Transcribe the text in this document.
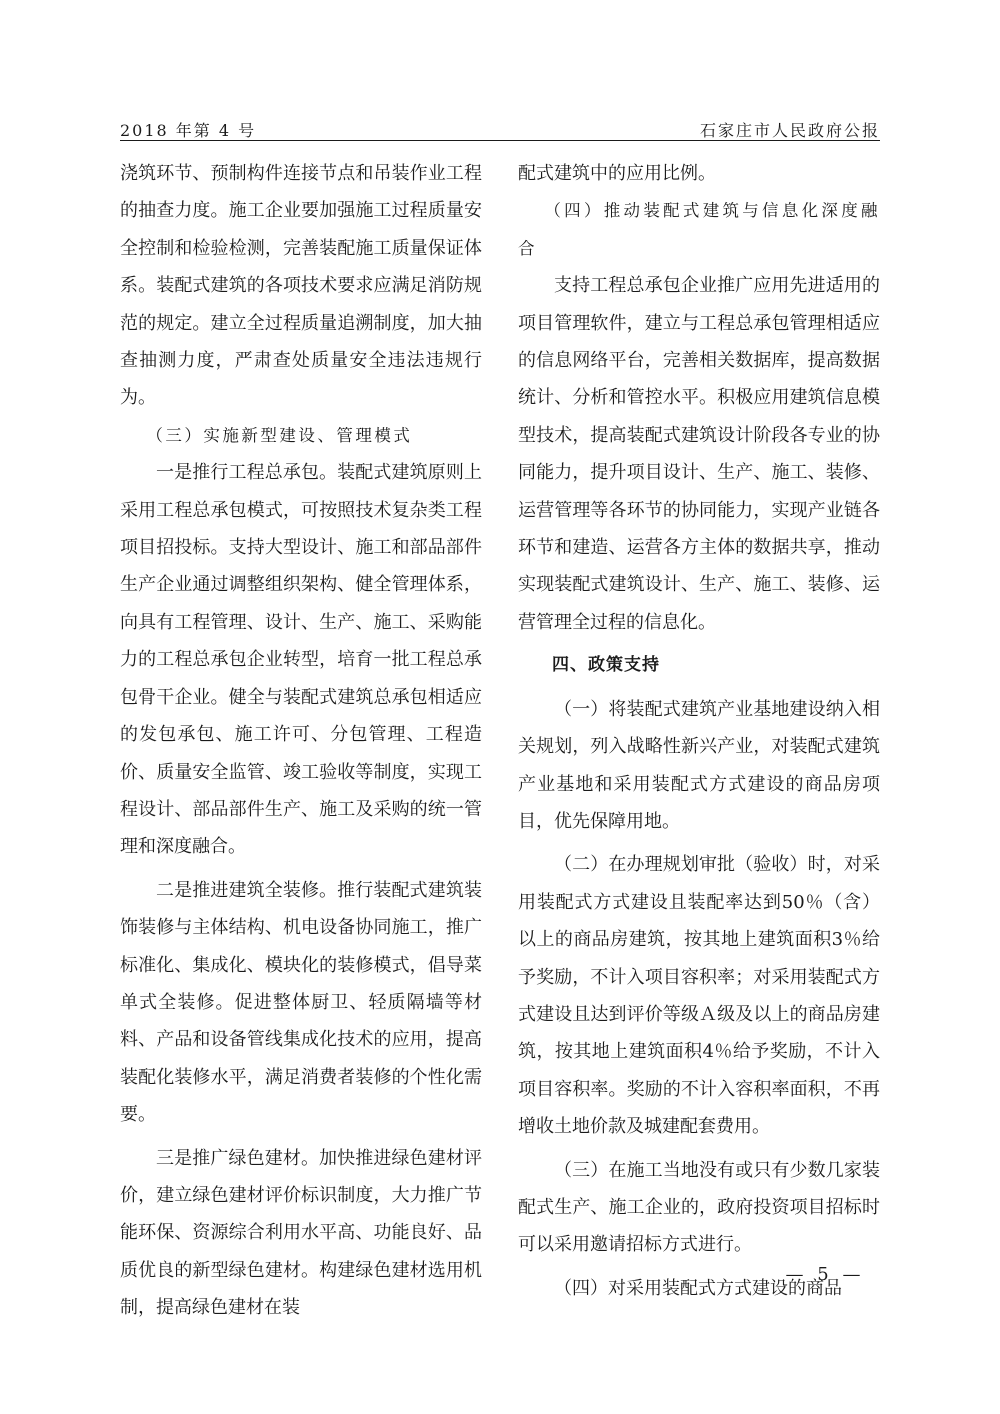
2018 年第 4 号	石家庄市人民政府公报

浇筑环节、预制构件连接节点和吊装作业工程的抽查力度。施工企业要加强施工过程质量安全控制和检验检测，完善装配施工质量保证体系。装配式建筑的各项技术要求应满足消防规范的规定。建立全过程质量追溯制度，加大抽查抽测力度，严肃查处质量安全违法违规行为。

（三）实施新型建设、管理模式

一是推行工程总承包。装配式建筑原则上采用工程总承包模式，可按照技术复杂类工程项目招投标。支持大型设计、施工和部品部件生产企业通过调整组织架构、健全管理体系，向具有工程管理、设计、生产、施工、采购能力的工程总承包企业转型，培育一批工程总承包骨干企业。健全与装配式建筑总承包相适应的发包承包、施工许可、分包管理、工程造价、质量安全监管、竣工验收等制度，实现工程设计、部品部件生产、施工及采购的统一管理和深度融合。

二是推进建筑全装修。推行装配式建筑装饰装修与主体结构、机电设备协同施工，推广标准化、集成化、模块化的装修模式，倡导菜单式全装修。促进整体厨卫、轻质隔墙等材料、产品和设备管线集成化技术的应用，提高装配化装修水平，满足消费者装修的个性化需要。

三是推广绿色建材。加快推进绿色建材评价，建立绿色建材评价标识制度，大力推广节能环保、资源综合利用水平高、功能良好、品质优良的新型绿色建材。构建绿色建材选用机制，提高绿色建材在装

配式建筑中的应用比例。

（四）推动装配式建筑与信息化深度融合

支持工程总承包企业推广应用先进适用的项目管理软件，建立与工程总承包管理相适应的信息网络平台，完善相关数据库，提高数据统计、分析和管控水平。积极应用建筑信息模型技术，提高装配式建筑设计阶段各专业的协同能力，提升项目设计、生产、施工、装修、运营管理等各环节的协同能力，实现产业链各环节和建造、运营各方主体的数据共享，推动实现装配式建筑设计、生产、施工、装修、运营管理全过程的信息化。

四、政策支持

（一）将装配式建筑产业基地建设纳入相关规划，列入战略性新兴产业，对装配式建筑产业基地和采用装配式方式建设的商品房项目，优先保障用地。

（二）在办理规划审批（验收）时，对采用装配式方式建设且装配率达到50％（含）以上的商品房建筑，按其地上建筑面积3％给予奖励，不计入项目容积率；对采用装配式方式建设且达到评价等级Ａ级及以上的商品房建筑，按其地上建筑面积4％给予奖励，不计入项目容积率。奖励的不计入容积率面积，不再增收土地价款及城建配套费用。

（三）在施工当地没有或只有少数几家装配式生产、施工企业的，政府投资项目招标时可以采用邀请招标方式进行。

（四）对采用装配式方式建设的商品

— 5 —
